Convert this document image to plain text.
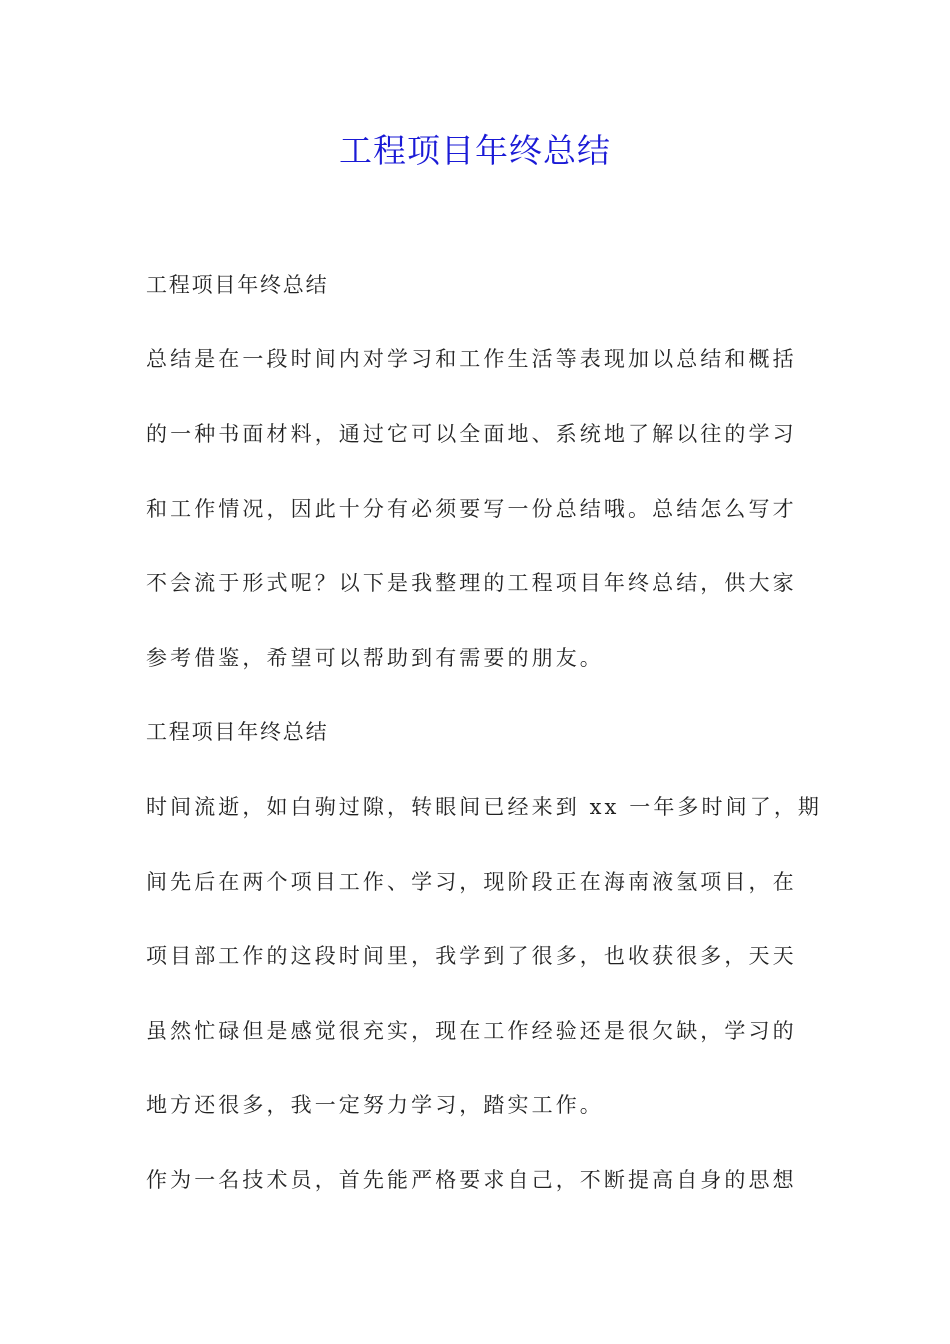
工程项目年终总结
工程项目年终总结
总结是在一段时间内对学习和工作生活等表现加以总结和概括
的一种书面材料，通过它可以全面地、系统地了解以往的学习
和工作情况，因此十分有必须要写一份总结哦。总结怎么写才
不会流于形式呢？以下是我整理的工程项目年终总结，供大家
参考借鉴，希望可以帮助到有需要的朋友。
工程项目年终总结
时间流逝，如白驹过隙，转眼间已经来到 xx 一年多时间了，期
间先后在两个项目工作、学习，现阶段正在海南液氢项目，在
项目部工作的这段时间里，我学到了很多，也收获很多，天天
虽然忙碌但是感觉很充实，现在工作经验还是很欠缺，学习的
地方还很多，我一定努力学习，踏实工作。
作为一名技术员，首先能严格要求自己，不断提高自身的思想
